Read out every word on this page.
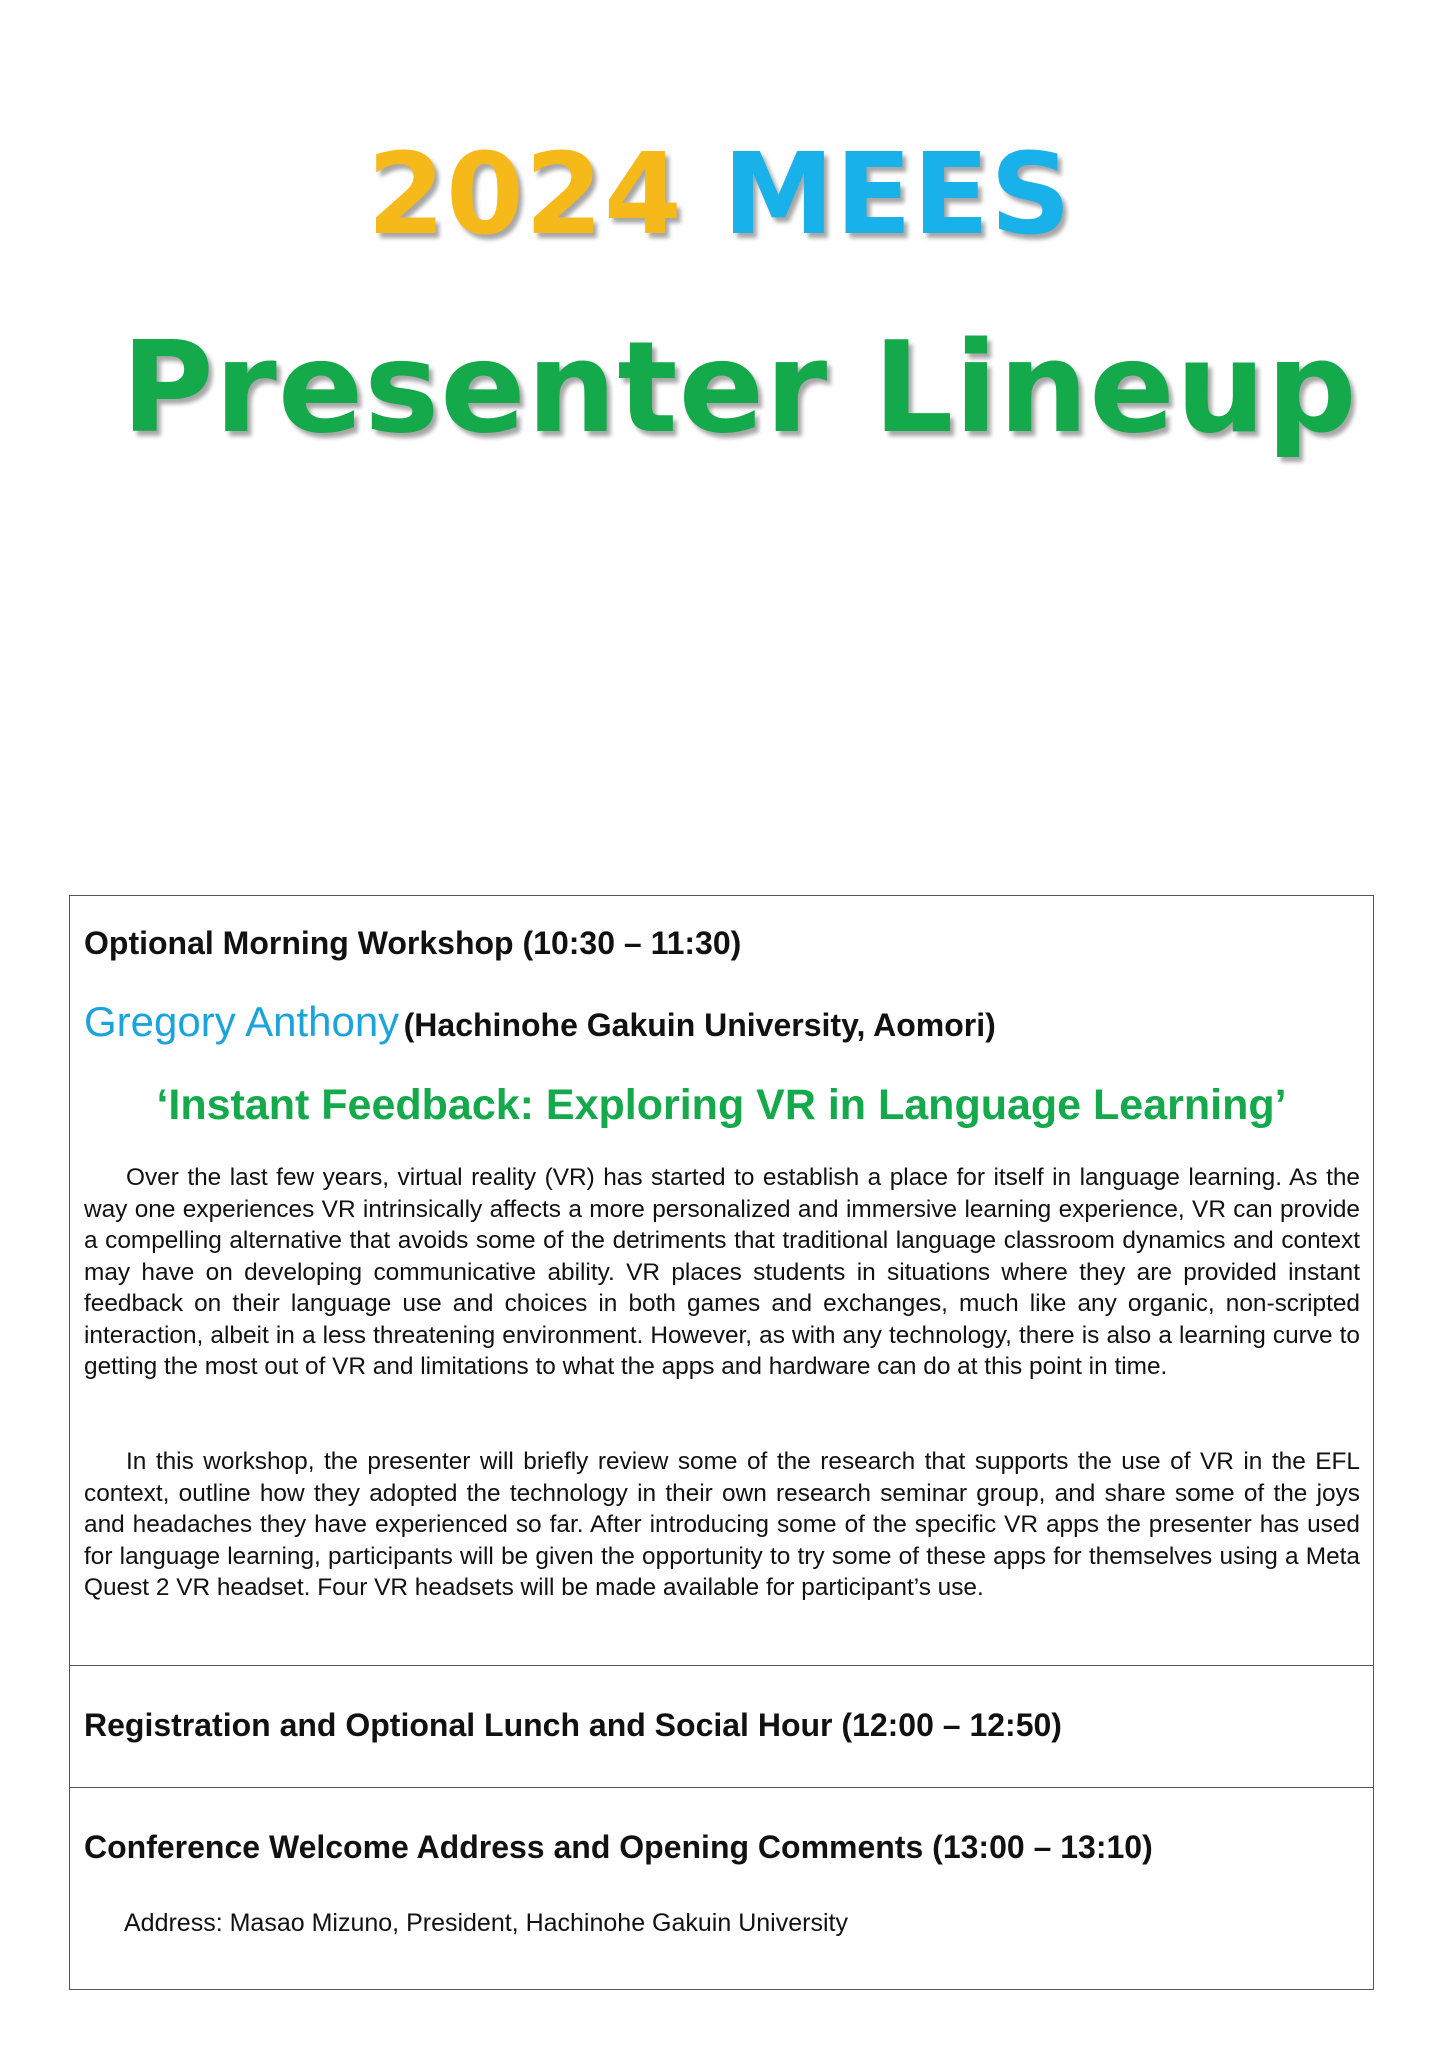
2024 MEES
Presenter Lineup

Optional Morning Workshop (10:30 – 11:30)

Gregory Anthony (Hachinohe Gakuin University, Aomori)

‘Instant Feedback: Exploring VR in Language Learning’

Over the last few years, virtual reality (VR) has started to establish a place for itself in language learning. As the way one experiences VR intrinsically affects a more personalized and immersive learning experience, VR can provide a compelling alternative that avoids some of the detriments that traditional language classroom dynamics and context may have on developing communicative ability. VR places students in situations where they are provided instant feedback on their language use and choices in both games and exchanges, much like any organic, non-scripted interaction, albeit in a less threatening environment. However, as with any technology, there is also a learning curve to getting the most out of VR and limitations to what the apps and hardware can do at this point in time.

In this workshop, the presenter will briefly review some of the research that supports the use of VR in the EFL context, outline how they adopted the technology in their own research seminar group, and share some of the joys and headaches they have experienced so far. After introducing some of the specific VR apps the presenter has used for language learning, participants will be given the opportunity to try some of these apps for themselves using a Meta Quest 2 VR headset. Four VR headsets will be made available for participant’s use.

Registration and Optional Lunch and Social Hour (12:00 – 12:50)

Conference Welcome Address and Opening Comments (13:00 – 13:10)

Address: Masao Mizuno, President, Hachinohe Gakuin University
